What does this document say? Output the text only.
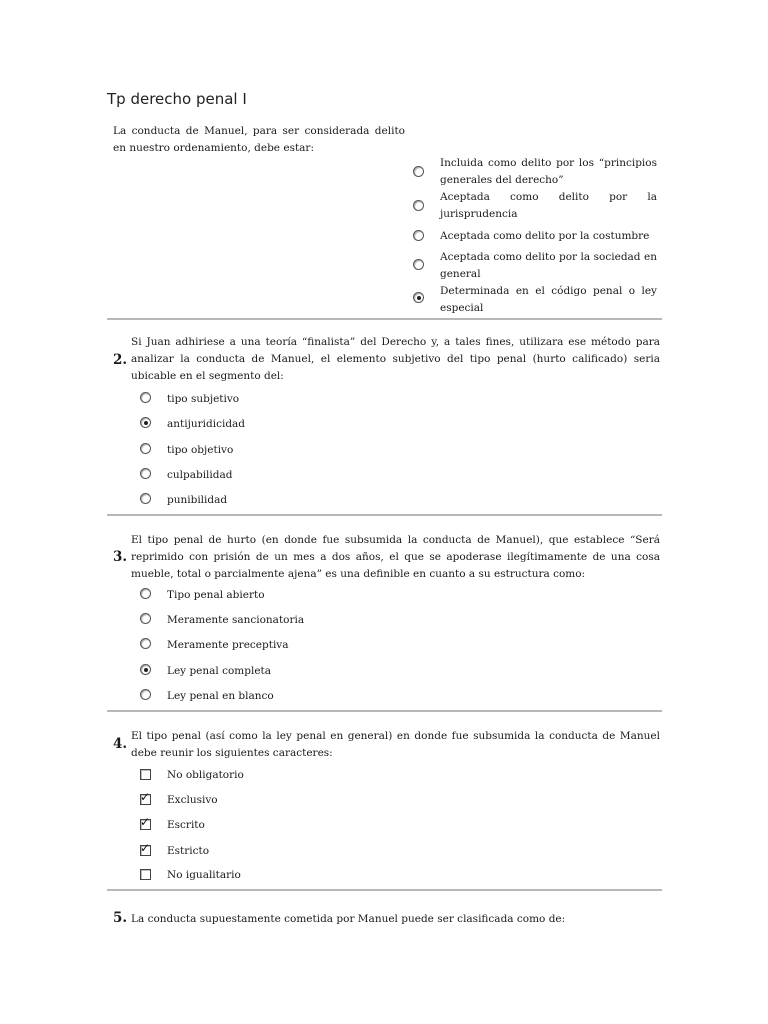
Tp derecho penal I
La conducta de Manuel, para ser considerada delito en nuestro ordenamiento, debe estar:
Incluida como delito por los “principios generales del derecho”
Aceptada como delito por la jurisprudencia
Aceptada como delito por la costumbre
Aceptada como delito por la sociedad en general
Determinada en el código penal o ley especial
2.
Si Juan adhiriese a una teoría “finalista” del Derecho y, a tales fines, utilizara ese método para analizar la conducta de Manuel, el elemento subjetivo del tipo penal (hurto calificado) seria ubicable en el segmento del:
tipo subjetivo
antijuridicidad
tipo objetivo
culpabilidad
punibilidad
3.
El tipo penal de hurto (en donde fue subsumida la conducta de Manuel), que establece “Será reprimido con prisión de un mes a dos años, el que se apoderase ilegítimamente de una cosa mueble, total o parcialmente ajena” es una definible en cuanto a su estructura como:
Tipo penal abierto
Meramente sancionatoria
Meramente preceptiva
Ley penal completa
Ley penal en blanco
4. El tipo penal (así como la ley penal en general) en donde fue subsumida la conducta de Manuel debe reunir los siguientes caracteres:
No obligatorio
✓ Exclusivo
✓ Escrito
✓ Estricto
No igualitario
5. La conducta supuestamente cometida por Manuel puede ser clasificada como de:
